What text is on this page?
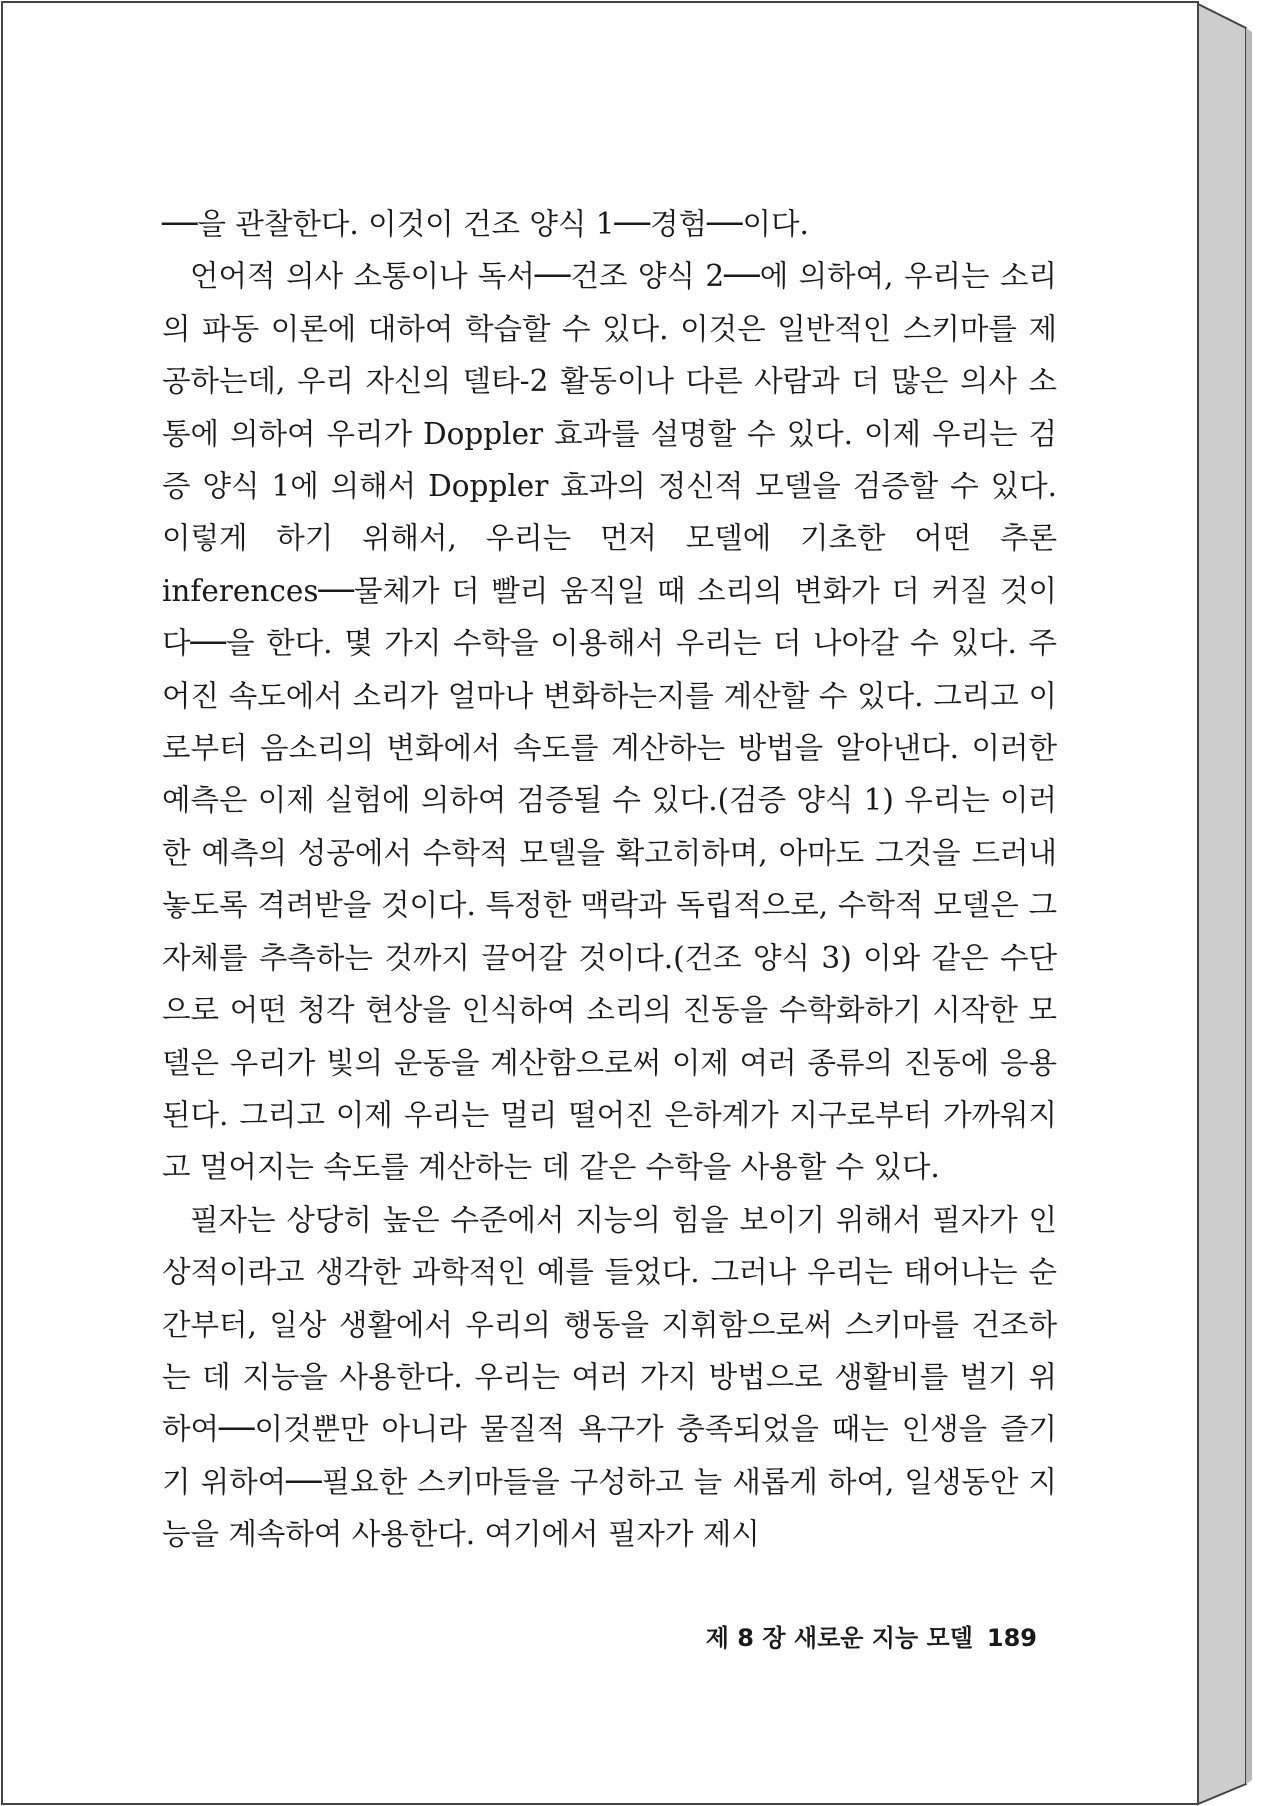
──을 관찰한다. 이것이 건조 양식 1──경험──이다.

언어적 의사 소통이나 독서──건조 양식 2──에 의하여, 우리는 소리의 파동 이론에 대하여 학습할 수 있다. 이것은 일반적인 스키마를 제공하는데, 우리 자신의 델타-2 활동이나 다른 사람과 더 많은 의사 소통에 의하여 우리가 Doppler 효과를 설명할 수 있다. 이제 우리는 검증 양식 1에 의해서 Doppler 효과의 정신적 모델을 검증할 수 있다. 이렇게 하기 위해서, 우리는 먼저 모델에 기초한 어떤 추론 inferences──물체가 더 빨리 움직일 때 소리의 변화가 더 커질 것이다──을 한다. 몇 가지 수학을 이용해서 우리는 더 나아갈 수 있다. 주어진 속도에서 소리가 얼마나 변화하는지를 계산할 수 있다. 그리고 이로부터 음소리의 변화에서 속도를 계산하는 방법을 알아낸다. 이러한 예측은 이제 실험에 의하여 검증될 수 있다.(검증 양식 1) 우리는 이러한 예측의 성공에서 수학적 모델을 확고히하며, 아마도 그것을 드러내 놓도록 격려받을 것이다. 특정한 맥락과 독립적으로, 수학적 모델은 그 자체를 추측하는 것까지 끌어갈 것이다.(건조 양식 3) 이와 같은 수단으로 어떤 청각 현상을 인식하여 소리의 진동을 수학화하기 시작한 모델은 우리가 빛의 운동을 계산함으로써 이제 여러 종류의 진동에 응용된다. 그리고 이제 우리는 멀리 떨어진 은하계가 지구로부터 가까워지고 멀어지는 속도를 계산하는 데 같은 수학을 사용할 수 있다.

필자는 상당히 높은 수준에서 지능의 힘을 보이기 위해서 필자가 인상적이라고 생각한 과학적인 예를 들었다. 그러나 우리는 태어나는 순간부터, 일상 생활에서 우리의 행동을 지휘함으로써 스키마를 건조하는 데 지능을 사용한다. 우리는 여러 가지 방법으로 생활비를 벌기 위하여──이것뿐만 아니라 물질적 욕구가 충족되었을 때는 인생을 즐기기 위하여──필요한 스키마들을 구성하고 늘 새롭게 하여, 일생동안 지능을 계속하여 사용한다. 여기에서 필자가 제시

제 8 장 새로운 지능 모델 189
